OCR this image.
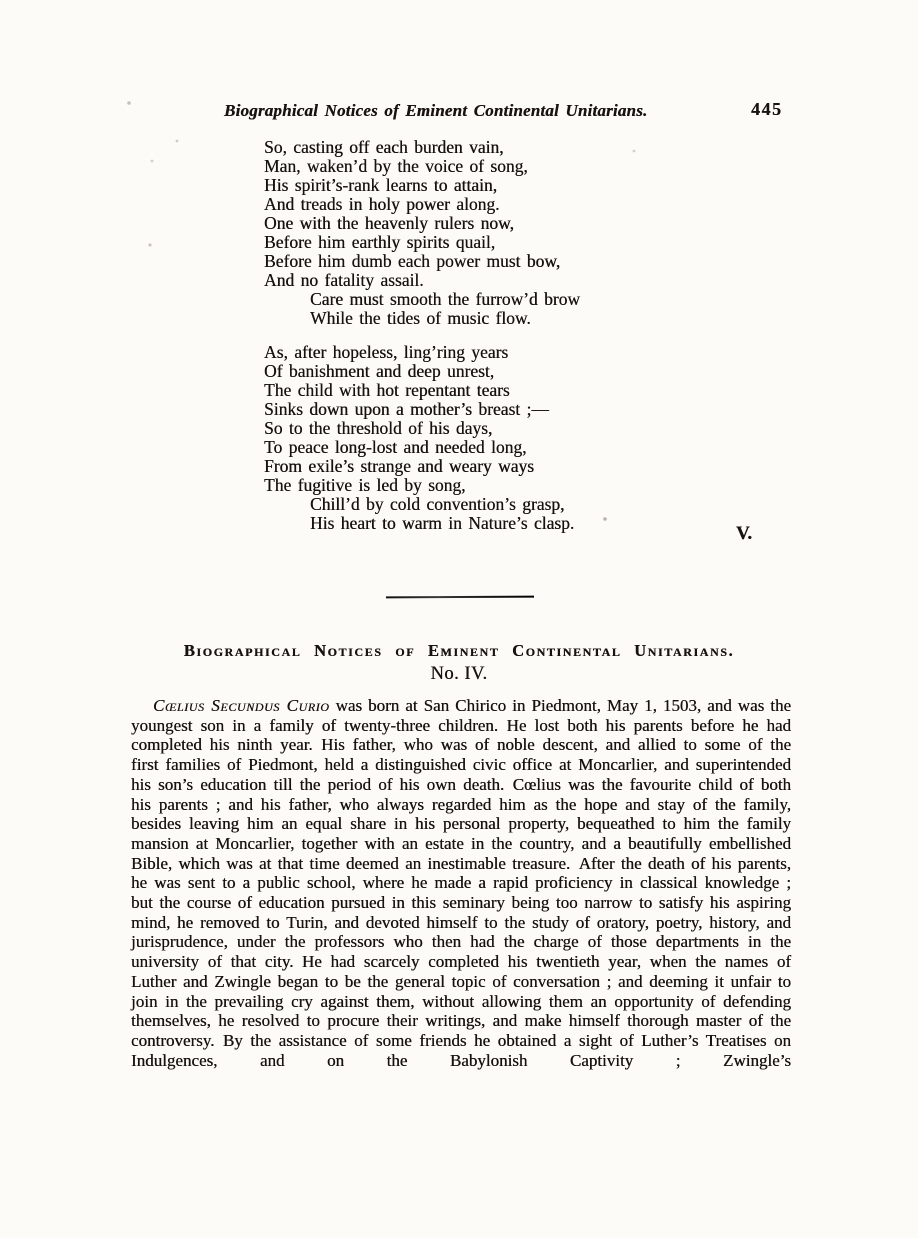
Biographical Notices of Eminent Continental Unitarians.	445
So, casting off each burden vain,
Man, waken’d by the voice of song,
His spirit’s-rank learns to attain,
And treads in holy power along.
One with the heavenly rulers now,
Before him earthly spirits quail,
Before him dumb each power must bow,
And no fatality assail.
Care must smooth the furrow’d brow
While the tides of music flow.
As, after hopeless, ling’ring years
Of banishment and deep unrest,
The child with hot repentant tears
Sinks down upon a mother’s breast ;—
So to the threshold of his days,
To peace long-lost and needed long,
From exile’s strange and weary ways
The fugitive is led by song,
Chill’d by cold convention’s grasp,
His heart to warm in Nature’s clasp.	V.
Biographical Notices of Eminent Continental Unitarians.
No. IV.

Cœlius Secundus Curio was born at San Chirico in Piedmont, May 1, 1503, and was the youngest son in a family of twenty-three children. He lost both his parents before he had completed his ninth year. His father, who was of noble descent, and allied to some of the first families of Piedmont, held a distinguished civic office at Moncarlier, and superintended his son’s education till the period of his own death. Cœlius was the favourite child of both his parents ; and his father, who always regarded him as the hope and stay of the family, besides leaving him an equal share in his personal property, bequeathed to him the family mansion at Moncarlier, together with an estate in the country, and a beautifully embellished Bible, which was at that time deemed an inestimable treasure. After the death of his parents, he was sent to a public school, where he made a rapid proficiency in classical knowledge ; but the course of education pursued in this seminary being too narrow to satisfy his aspiring mind, he removed to Turin, and devoted himself to the study of oratory, poetry, history, and jurisprudence, under the professors who then had the charge of those departments in the university of that city. He had scarcely completed his twentieth year, when the names of Luther and Zwingle began to be the general topic of conversation ; and deeming it unfair to join in the prevailing cry against them, without allowing them an opportunity of defending themselves, he resolved to procure their writings, and make himself thorough master of the controversy. By the assistance of some friends he obtained a sight of Luther’s Treatises on Indulgences, and on the Babylonish Captivity ; Zwingle’s
